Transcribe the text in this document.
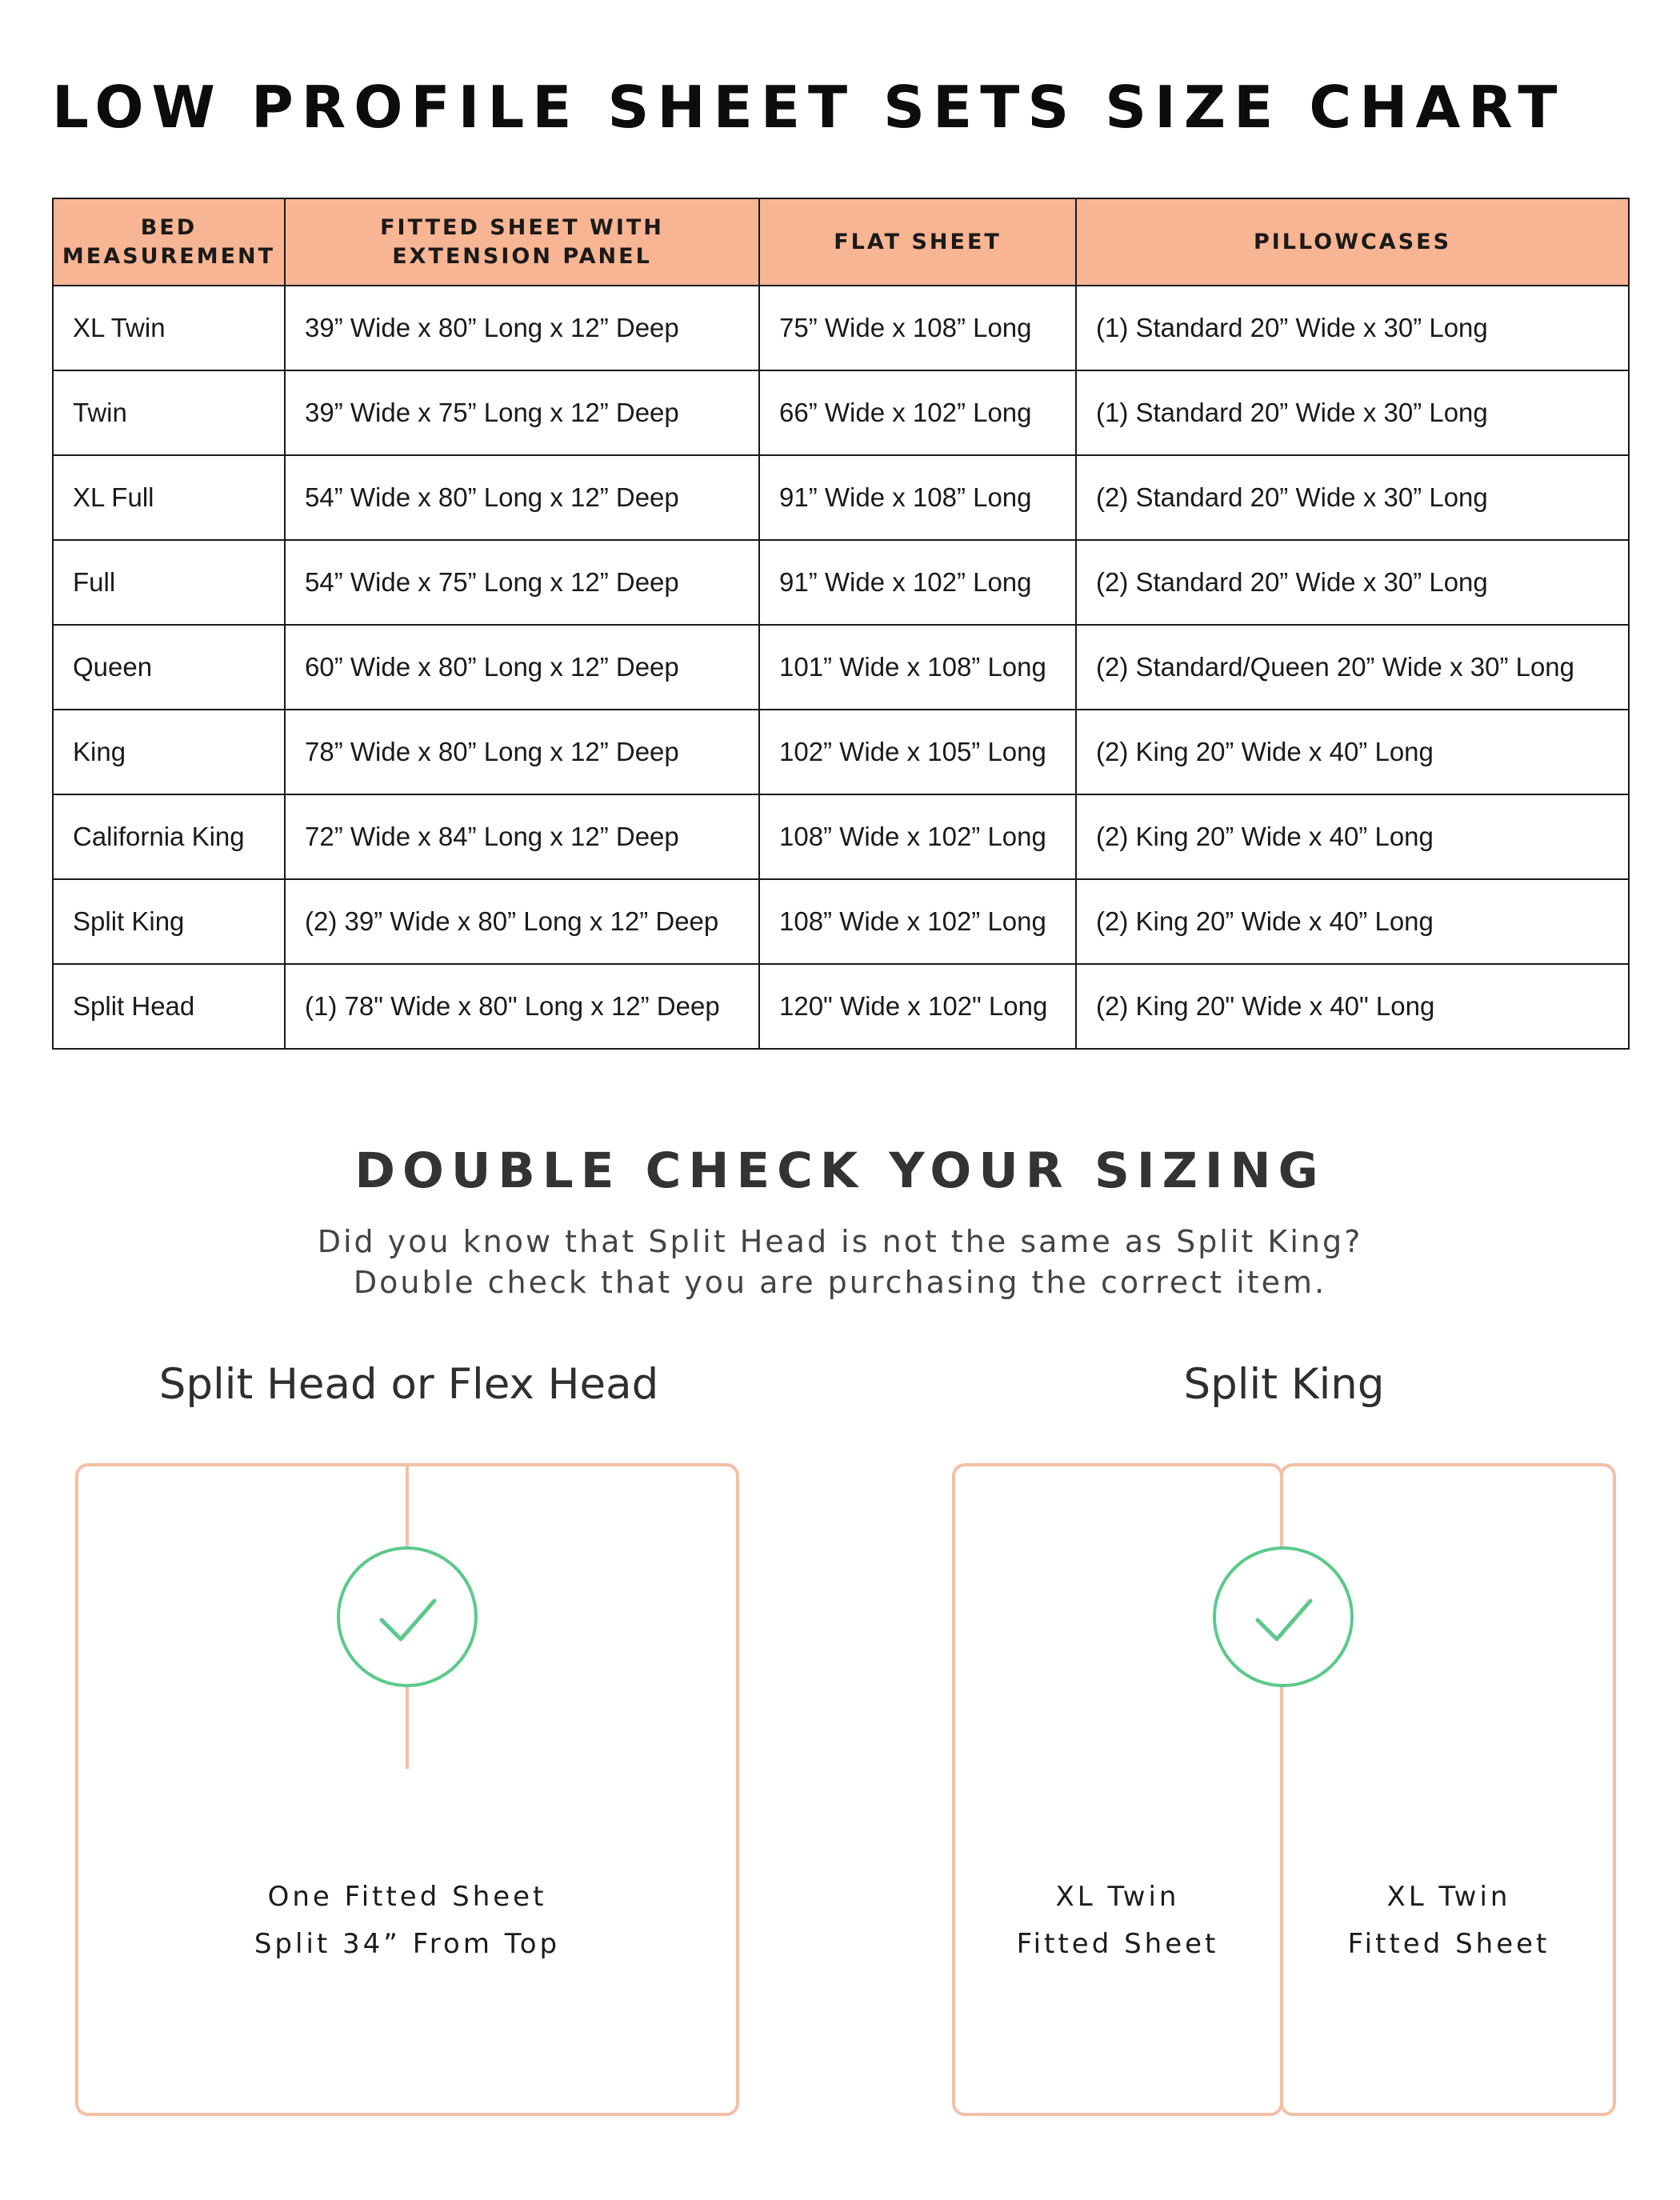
LOW PROFILE SHEET SETS SIZE CHART
BED
MEASUREMENT	FITTED SHEET WITH
EXTENSION PANEL	FLAT SHEET	PILLOWCASES
XL Twin	39” Wide x 80” Long x 12” Deep	75” Wide x 108” Long	(1) Standard 20” Wide x 30” Long
Twin	39” Wide x 75” Long x 12” Deep	66” Wide x 102” Long	(1) Standard 20” Wide x 30” Long
XL Full	54” Wide x 80” Long x 12” Deep	91” Wide x 108” Long	(2) Standard 20” Wide x 30” Long
Full	54” Wide x 75” Long x 12” Deep	91” Wide x 102” Long	(2) Standard 20” Wide x 30” Long
Queen	60” Wide x 80” Long x 12” Deep	101” Wide x 108” Long	(2) Standard/Queen 20” Wide x 30” Long
King	78” Wide x 80” Long x 12” Deep	102” Wide x 105” Long	(2) King 20” Wide x 40” Long
California King	72” Wide x 84” Long x 12” Deep	108” Wide x 102” Long	(2) King 20” Wide x 40” Long
Split King	(2) 39” Wide x 80” Long x 12” Deep	108” Wide x 102” Long	(2) King 20” Wide x 40” Long
Split Head	(1) 78" Wide x 80" Long x 12” Deep	120" Wide x 102" Long	(2) King 20" Wide x 40" Long
DOUBLE CHECK YOUR SIZING
Did you know that Split Head is not the same as Split King?
Double check that you are purchasing the correct item.
Split Head or Flex Head
One Fitted Sheet
Split 34” From Top
Split King
XL Twin
Fitted Sheet
XL Twin
Fitted Sheet
